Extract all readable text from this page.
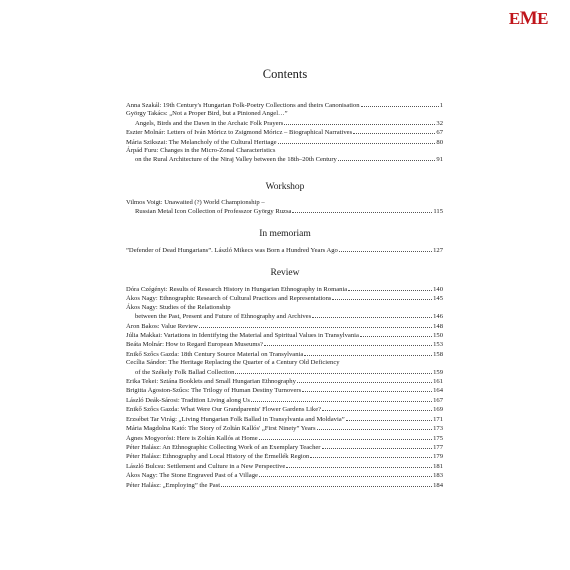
EME
Contents
Anna Szakál: 19th Century's Hungarian Folk-Poetry Collections and theirs Canonisation	1
György Takács: „Not a Proper Bird, but a Pinioned Angel…”
Angels, Birds and the Dawn in the Archaic Folk Prayers	32
Eszter Molnár: Letters of Iván Móricz to Zsigmond Móricz – Biographical Narratives	67
Mária Szikszai: The Melancholy of the Cultural Heritage	80
Árpád Furu: Changes in the Micro-Zonal Characteristics
on the Rural Architecture of the Niraj Valley between the 18th–20th Century	91
Workshop
Vilmos Voigt: Unawaited (?) World Championship –
Russian Metal Icon Collection of Professzor György Ruzsa	115
In memoriam
”Defender of Dead Hungarians”. László Mikecs was Born a Hundred Years Ago	127
Review
Dóra Czégényi: Results of Research History in Hungarian Ethnography in Romania	140
Ákos Nagy: Ethnographic Research of Cultural Practices and Representations	145
Ákos Nagy: Studies of the Relationship
between the Past, Present and Future of Ethnography and Archives	146
Áron Bakos: Value Review	148
Júlia Makkai: Variations in Identifying the Material and Spiritual Values in Transylvania	150
Beáta Molnár: How to Regard European Museums?	153
Enikő Szőcs Gazda: 18th Century Source Material on Transylvania	158
Cecília Sándor: The Heritage Replacing the Quarter of a Century Old Deficiency
of the Székely Folk Ballad Collection	159
Erika Tekei: Sztána Booklets and Small Hungarian Ethnography	161
Brigitta Ágoston-Szűcs: The Trilogy of Human Destiny Turnovers	164
László Deák-Sárosi: Tradition Living along Us	167
Enikő Szőcs Gazda: What Were Our Grandparents' Flower Gardens Like?	169
Erzsébet Tar Virág: „Living Hungarian Folk Ballad in Transylvania and Moldavia”	171
Mária Magdolna Kató: The Story of Zoltán Kallós' „First Ninety” Years	173
Ágnes Mogyorósi: Here is Zoltán Kallós at Home	175
Péter Halász: An Ethnographic Collecting Work of an Exemplary Teacher	177
Péter Halász: Ethnography and Local History of the Érmellék Region	179
László Bulcsu: Settlement and Culture in a New Perspective	181
Ákos Nagy: The Stone Engraved Past of a Village	183
Péter Halász: „Employing” the Past	184
